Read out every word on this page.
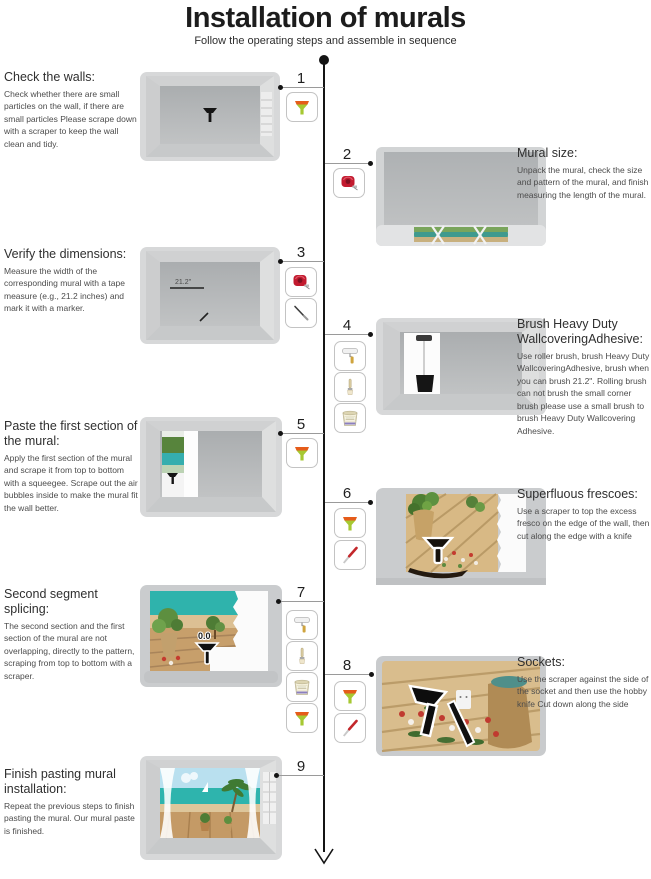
Installation of murals
Follow the operating steps and assemble in sequence
Check the walls:
Check whether there are small particles on the wall, if there are small particles Please scrape down with a scraper to keep the wall clean and tidy.
1
2	Mural size:
Unpack the mural, check the size and pattern of the mural, and finish measuring the length of the mural.
Verify the dimensions:
Measure the width of the corresponding mural with a tape measure (e.g., 21.2 inches) and mark it with a marker.
21.2"
3
4	Brush Heavy Duty WallcoveringAdhesive:
Use roller brush, brush Heavy Duty WallcoveringAdhesive, brush when you can brush 21.2". Rolling brush can not brush the small corner brush please use a small brush to brush Heavy Duty Wallcovering Adhesive.
Paste the first section of the mural:
Apply the first section of the mural and scrape it from top to bottom with a squeegee. Scrape out the air bubbles inside to make the mural fit the wall better.
5
6	Superfluous frescoes:
Use a scraper to top the excess fresco on the edge of the wall, then cut along the edge with a knife
Second segment splicing:
The second section and the first section of the mural are not overlapping, directly to the pattern, scraping from top to bottom with a scraper.
0.0
7
8	Sockets:
Use the scraper against the side of the socket and then use the hobby knife Cut down along the side
Finish pasting mural installation:
Repeat the previous steps to finish pasting the mural. Our mural paste is finished.
9
